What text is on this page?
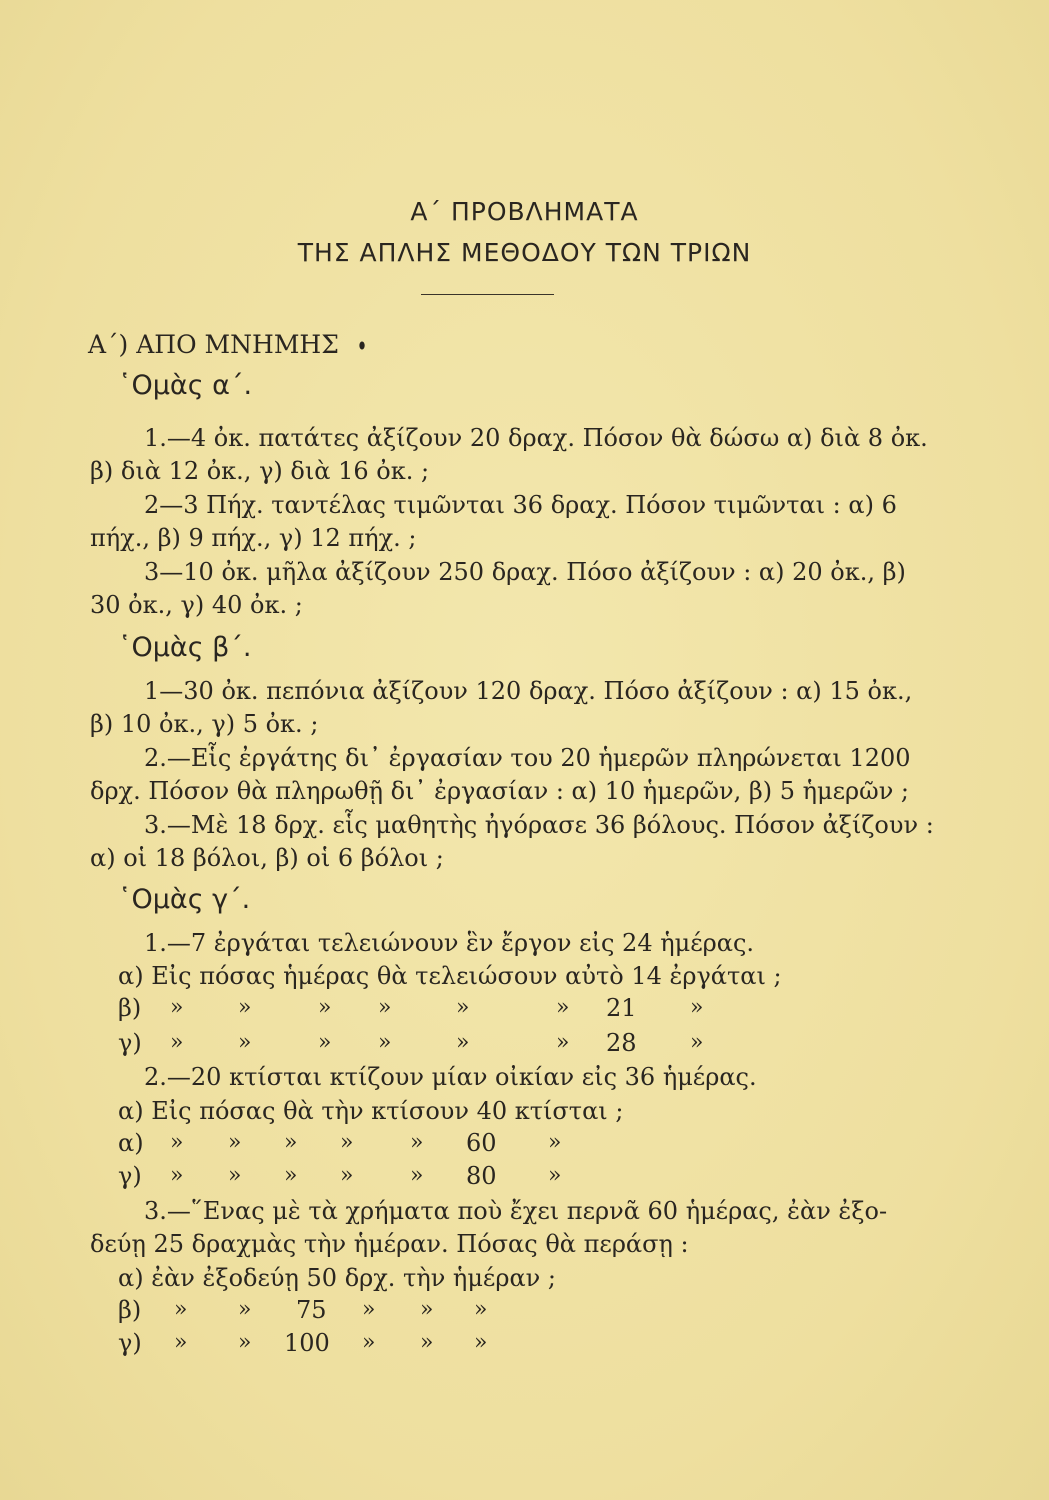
Α΄ ΠΡΟΒΛΗΜΑΤΑ
ΤΗΣ ΑΠΛΗΣ ΜΕΘΟΔΟΥ ΤΩΝ ΤΡΙΩΝ
Α΄) ΑΠΟ ΜΝΗΜΗΣ ⬮
῾Ομὰς α΄.
1.—4 ὀκ. πατάτες ἀξίζουν 20 δραχ. Πόσον θὰ δώσω α) διὰ 8 ὀκ.
β) διὰ 12 ὀκ., γ) διὰ 16 ὀκ. ;
2—3 Πήχ. ταντέλας τιμῶνται 36 δραχ. Πόσον τιμῶνται : α) 6
πήχ., β) 9 πήχ., γ) 12 πήχ. ;
3—10 ὀκ. μῆλα ἀξίζουν 250 δραχ. Πόσο ἀξίζουν : α) 20 ὀκ., β)
30 ὀκ., γ) 40 ὀκ. ;
῾Ομὰς β΄.
1—30 ὀκ. πεπόνια ἀξίζουν 120 δραχ. Πόσο ἀξίζουν : α) 15 ὀκ.,
β) 10 ὀκ., γ) 5 ὀκ. ;
2.—Εἷς ἐργάτης δι᾽ ἐργασίαν του 20 ἡμερῶν πληρώνεται 1200
δρχ. Πόσον θὰ πληρωθῇ δι᾽ ἐργασίαν : α) 10 ἡμερῶν, β) 5 ἡμερῶν ;
3.—Μὲ 18 δρχ. εἷς μαθητὴς ἠγόρασε 36 βόλους. Πόσον ἀξίζουν :
α) οἱ 18 βόλοι, β) οἱ 6 βόλοι ;
῾Ομὰς γ΄.
1.—7 ἐργάται τελειώνουν ἓν ἔργον εἰς 24 ἡμέρας.
α) Εἰς πόσας ἡμέρας θὰ τελειώσουν αὐτὸ 14 ἐργάται ;
β) » »	» »	»	» 21 »
γ) » »	» »	»	» 28 »
2.—20 κτίσται κτίζουν μίαν οἰκίαν εἰς 36 ἡμέρας.
α) Εἰς πόσας θὰ τὴν κτίσουν 40 κτίσται ;
α) » » » »	» 60 »
γ) » » » »	» 80 »
3.—῞Ενας μὲ τὰ χρήματα ποὺ ἔχει περνᾶ 60 ἡμέρας, ἐὰν ἐξο-
δεύῃ 25 δραχμὰς τὴν ἡμέραν. Πόσας θὰ περάσῃ :
α) ἐὰν ἐξοδεύῃ 50 δρχ. τὴν ἡμέραν ;
β) » » 75 » » »
γ) » » 100 » » »
